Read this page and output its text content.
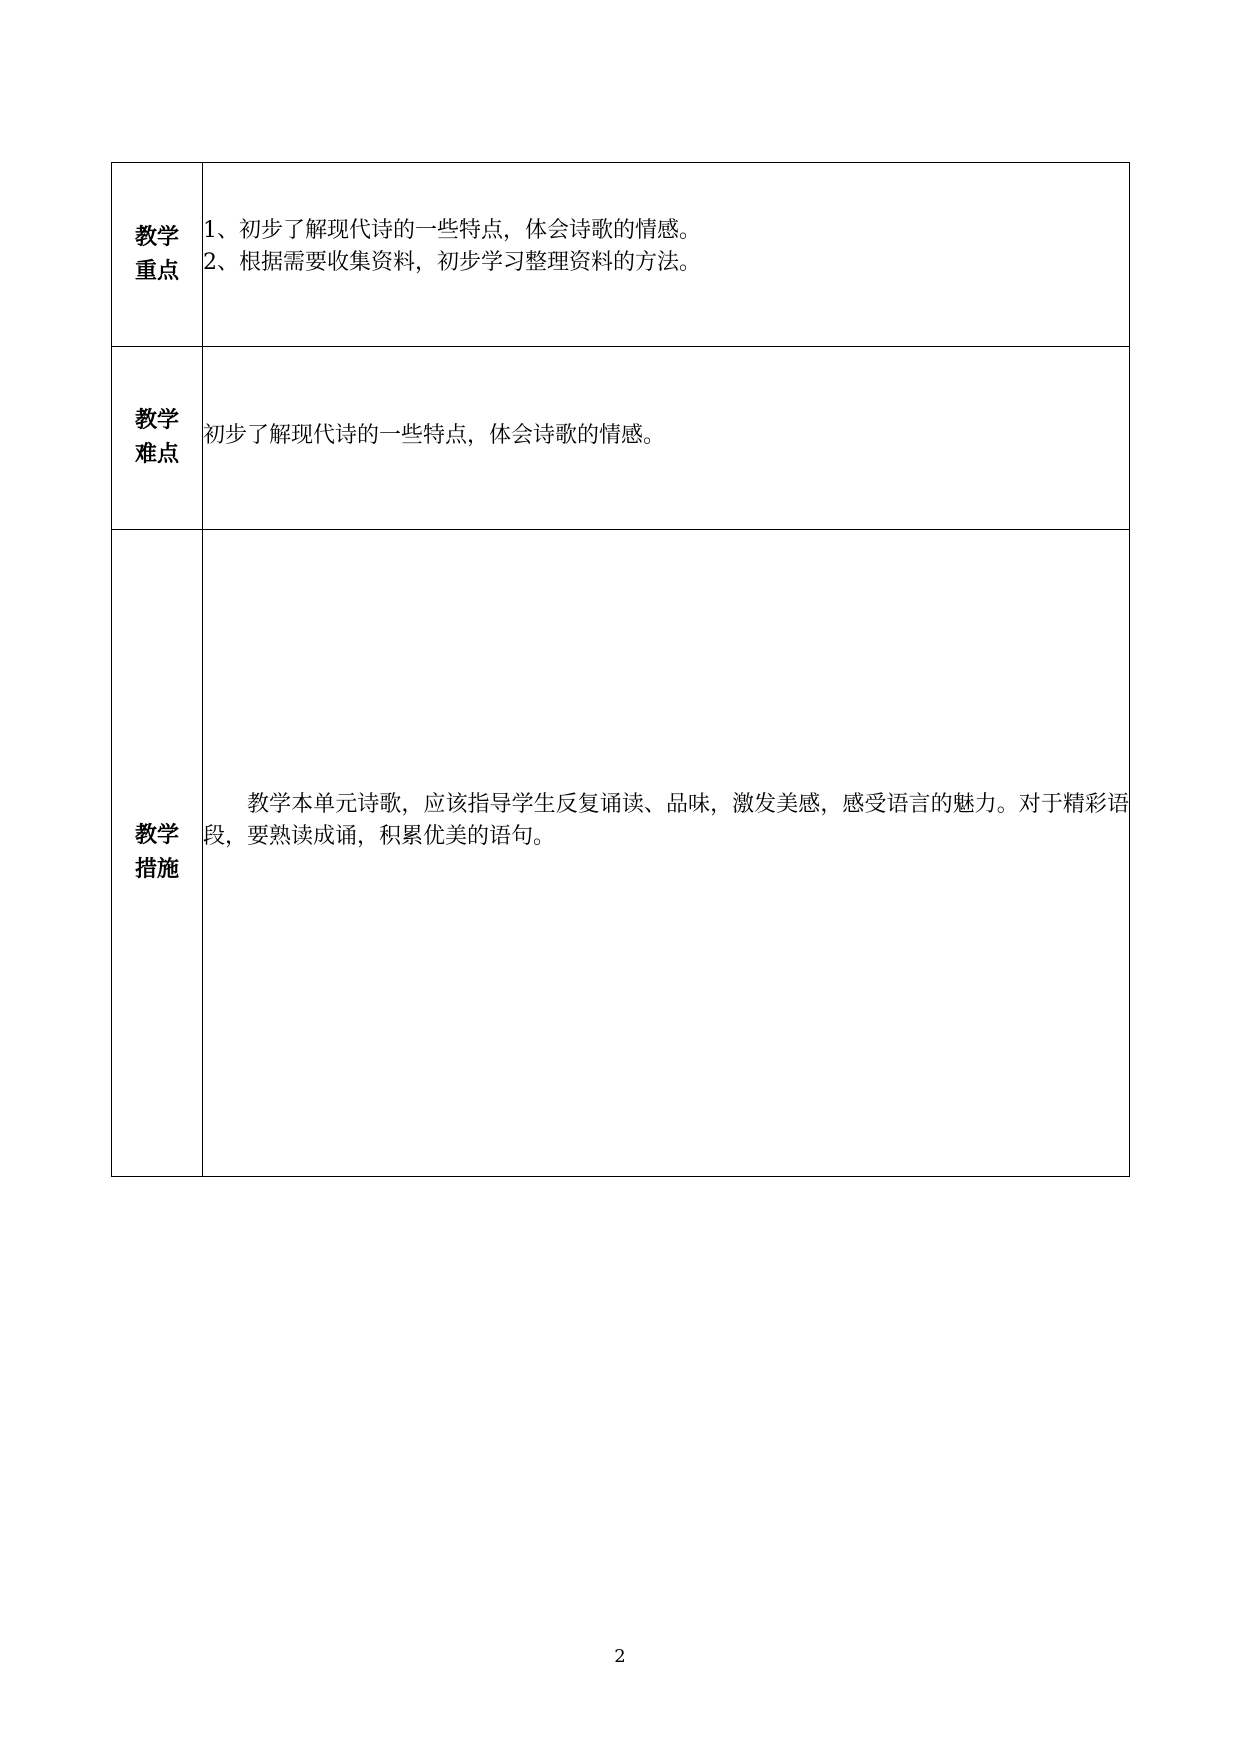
教学
重点	1、初步了解现代诗的一些特点，体会诗歌的情感。
2、根据需要收集资料，初步学习整理资料的方法。

教学
难点	初步了解现代诗的一些特点，体会诗歌的情感。

教学
措施	教学本单元诗歌，应该指导学生反复诵读、品味，激发美感，感受语言的魅力。对于精彩语段，要熟读成诵，积累优美的语句。
2
